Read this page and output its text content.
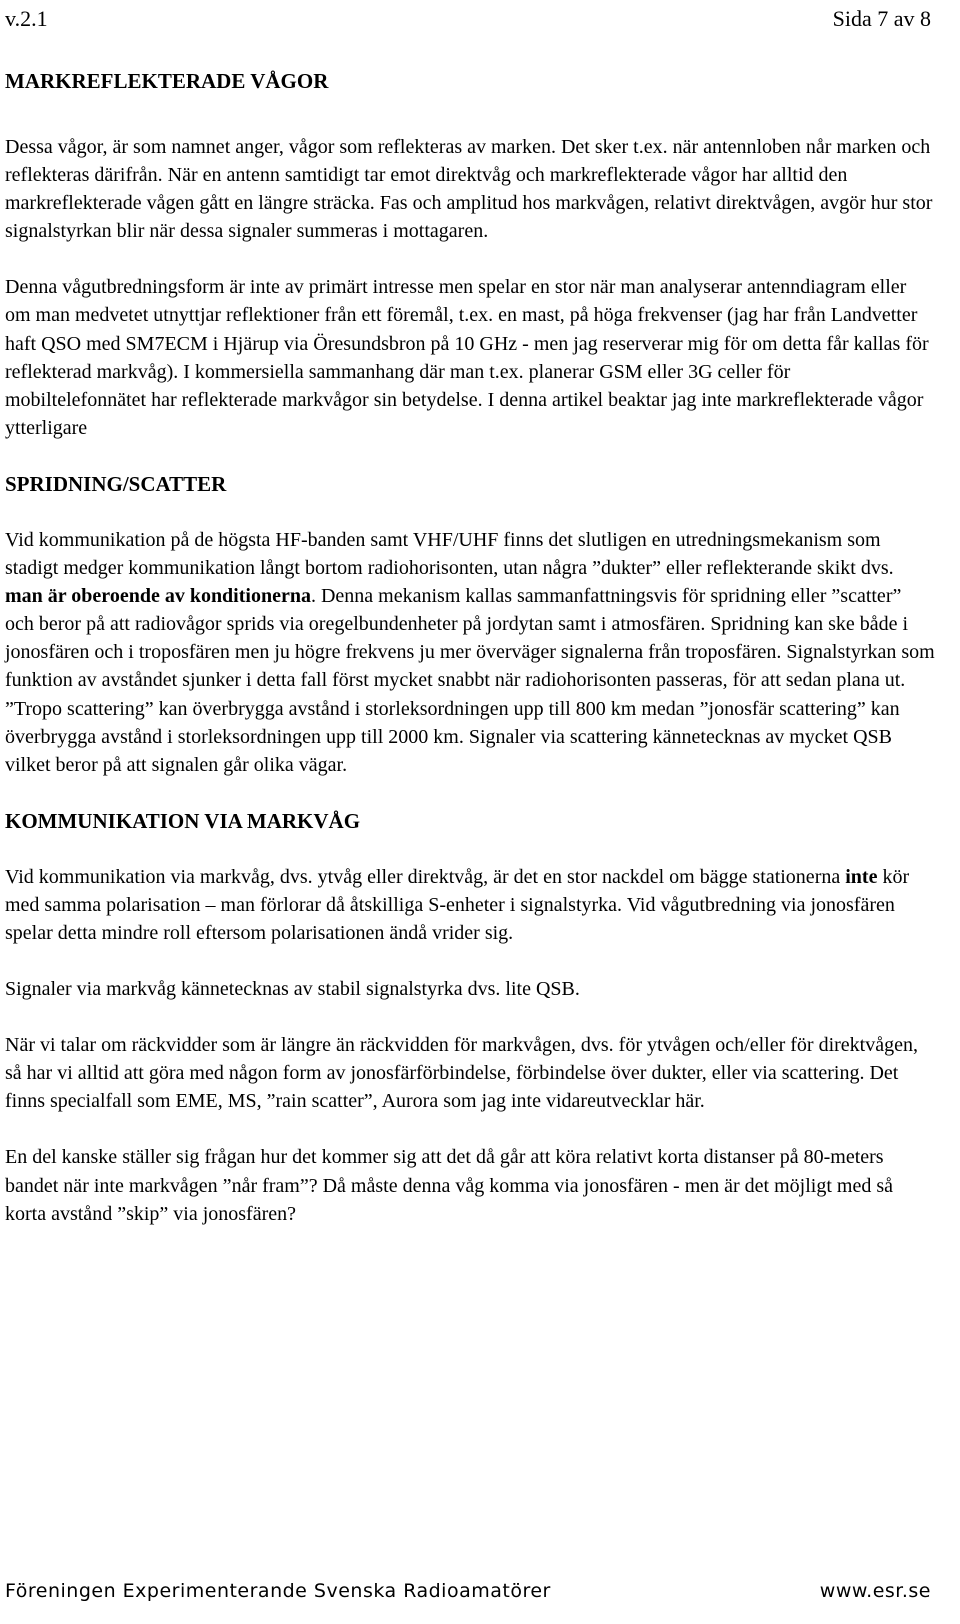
v.2.1	Sida 7 av 8
MARKREFLEKTERADE VÅGOR

Dessa vågor, är som namnet anger, vågor som reflekteras av marken. Det sker t.ex. när antennloben når marken och reflekteras därifrån. När en antenn samtidigt tar emot direktvåg och markreflekterade vågor har alltid den markreflekterade vågen gått en längre sträcka. Fas och amplitud hos markvågen, relativt direktvågen, avgör hur stor signalstyrkan blir när dessa signaler summeras i mottagaren.

Denna vågutbredningsform är inte av primärt intresse men spelar en stor när man analyserar antenndiagram eller om man medvetet utnyttjar reflektioner från ett föremål, t.ex. en mast, på höga frekvenser (jag har från Landvetter haft QSO med SM7ECM i Hjärup via Öresundsbron på 10 GHz - men jag reserverar mig för om detta får kallas för reflekterad markvåg). I kommersiella sammanhang där man t.ex. planerar GSM eller 3G celler för mobiltelefonnätet har reflekterade markvågor sin betydelse. I denna artikel beaktar jag inte markreflekterade vågor ytterligare

SPRIDNING/SCATTER

Vid kommunikation på de högsta HF-banden samt VHF/UHF finns det slutligen en utredningsmekanism som stadigt medger kommunikation långt bortom radiohorisonten, utan några ”dukter” eller reflekterande skikt dvs. man är oberoende av konditionerna. Denna mekanism kallas sammanfattningsvis för spridning eller ”scatter” och beror på att radiovågor sprids via oregelbundenheter på jordytan samt i atmosfären. Spridning kan ske både i jonosfären och i troposfären men ju högre frekvens ju mer överväger signalerna från troposfären. Signalstyrkan som funktion av avståndet sjunker i detta fall först mycket snabbt när radiohorisonten passeras, för att sedan plana ut. ”Tropo scattering” kan överbrygga avstånd i storleksordningen upp till 800 km medan ”jonosfär scattering” kan överbrygga avstånd i storleksordningen upp till 2000 km. Signaler via scattering kännetecknas av mycket QSB vilket beror på att signalen går olika vägar.

KOMMUNIKATION VIA MARKVÅG

Vid kommunikation via markvåg, dvs. ytvåg eller direktvåg, är det en stor nackdel om bägge stationerna inte kör med samma polarisation – man förlorar då åtskilliga S-enheter i signalstyrka. Vid vågutbredning via jonosfären spelar detta mindre roll eftersom polarisationen ändå vrider sig.

Signaler via markvåg kännetecknas av stabil signalstyrka dvs. lite QSB.

När vi talar om räckvidder som är längre än räckvidden för markvågen, dvs. för ytvågen och/eller för direktvågen, så har vi alltid att göra med någon form av jonosfärförbindelse, förbindelse över dukter, eller via scattering. Det finns specialfall som EME, MS, ”rain scatter”, Aurora som jag inte vidareutvecklar här.

En del kanske ställer sig frågan hur det kommer sig att det då går att köra relativt korta distanser på 80-meters bandet när inte markvågen ”når fram”? Då måste denna våg komma via jonosfären - men är det möjligt med så korta avstånd ”skip” via jonosfären?

Föreningen Experimenterande Svenska Radioamatörer	www.esr.se
